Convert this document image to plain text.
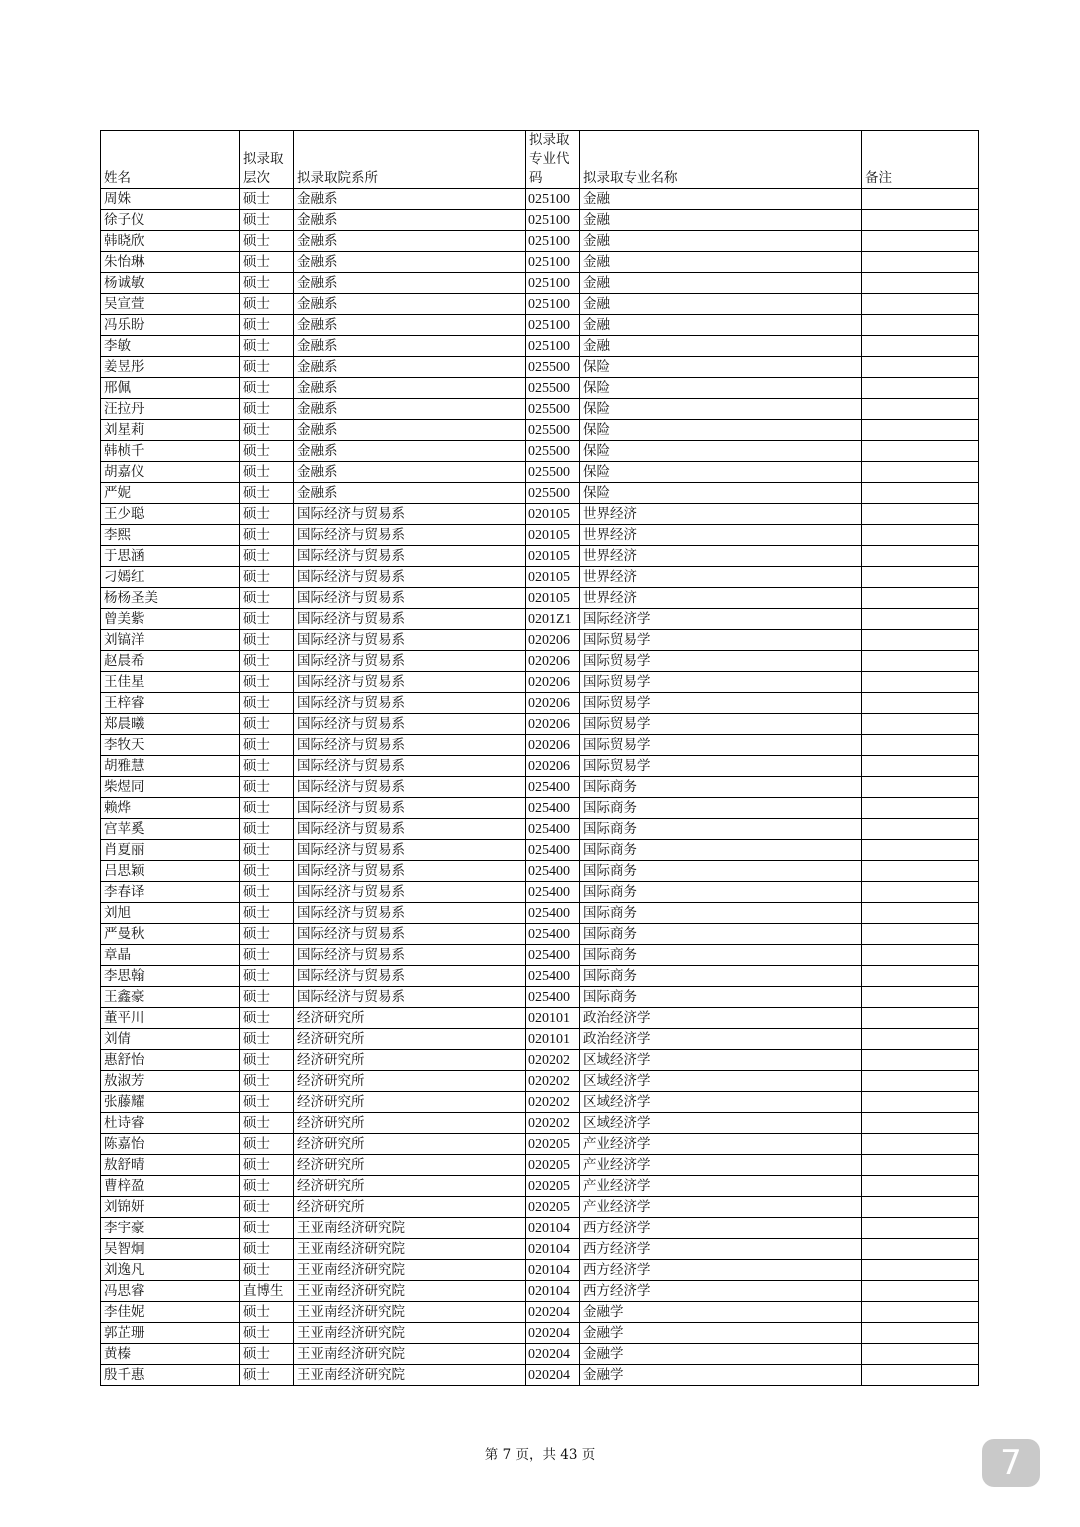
姓名	拟录取层次	拟录取院系所	拟录取专业代码	拟录取专业名称	备注
周姝	硕士	金融系	025100	金融	
徐子仪	硕士	金融系	025100	金融	
韩晓欣	硕士	金融系	025100	金融	
朱怡琳	硕士	金融系	025100	金融	
杨诚敏	硕士	金融系	025100	金融	
吴宣萱	硕士	金融系	025100	金融	
冯乐盼	硕士	金融系	025100	金融	
李敏	硕士	金融系	025100	金融	
姜昱彤	硕士	金融系	025500	保险	
邢佩	硕士	金融系	025500	保险	
汪拉丹	硕士	金融系	025500	保险	
刘星莉	硕士	金融系	025500	保险	
韩桢千	硕士	金融系	025500	保险	
胡嘉仪	硕士	金融系	025500	保险	
严妮	硕士	金融系	025500	保险	
王少聪	硕士	国际经济与贸易系	020105	世界经济	
李熙	硕士	国际经济与贸易系	020105	世界经济	
于思涵	硕士	国际经济与贸易系	020105	世界经济	
刁嫣红	硕士	国际经济与贸易系	020105	世界经济	
杨杨圣美	硕士	国际经济与贸易系	020105	世界经济	
曾美紫	硕士	国际经济与贸易系	0201Z1	国际经济学	
刘镐洋	硕士	国际经济与贸易系	020206	国际贸易学	
赵晨希	硕士	国际经济与贸易系	020206	国际贸易学	
王佳星	硕士	国际经济与贸易系	020206	国际贸易学	
王梓睿	硕士	国际经济与贸易系	020206	国际贸易学	
郑晨曦	硕士	国际经济与贸易系	020206	国际贸易学	
李牧天	硕士	国际经济与贸易系	020206	国际贸易学	
胡雅慧	硕士	国际经济与贸易系	020206	国际贸易学	
柴煜同	硕士	国际经济与贸易系	025400	国际商务	
赖烨	硕士	国际经济与贸易系	025400	国际商务	
宫苹奚	硕士	国际经济与贸易系	025400	国际商务	
肖夏丽	硕士	国际经济与贸易系	025400	国际商务	
吕思颖	硕士	国际经济与贸易系	025400	国际商务	
李春译	硕士	国际经济与贸易系	025400	国际商务	
刘旭	硕士	国际经济与贸易系	025400	国际商务	
严曼秋	硕士	国际经济与贸易系	025400	国际商务	
章晶	硕士	国际经济与贸易系	025400	国际商务	
李思翰	硕士	国际经济与贸易系	025400	国际商务	
王鑫豪	硕士	国际经济与贸易系	025400	国际商务	
董平川	硕士	经济研究所	020101	政治经济学	
刘倩	硕士	经济研究所	020101	政治经济学	
惠舒怡	硕士	经济研究所	020202	区域经济学	
敖淑芳	硕士	经济研究所	020202	区域经济学	
张藤耀	硕士	经济研究所	020202	区域经济学	
杜诗睿	硕士	经济研究所	020202	区域经济学	
陈嘉怡	硕士	经济研究所	020205	产业经济学	
敖舒晴	硕士	经济研究所	020205	产业经济学	
曹梓盈	硕士	经济研究所	020205	产业经济学	
刘锦妍	硕士	经济研究所	020205	产业经济学	
李宇豪	硕士	王亚南经济研究院	020104	西方经济学	
吴智炯	硕士	王亚南经济研究院	020104	西方经济学	
刘逸凡	硕士	王亚南经济研究院	020104	西方经济学	
冯思睿	直博生	王亚南经济研究院	020104	西方经济学	
李佳妮	硕士	王亚南经济研究院	020204	金融学	
郭芷珊	硕士	王亚南经济研究院	020204	金融学	
黄榛	硕士	王亚南经济研究院	020204	金融学	
殷千惠	硕士	王亚南经济研究院	020204	金融学	
第 7 页，共 43 页	7
